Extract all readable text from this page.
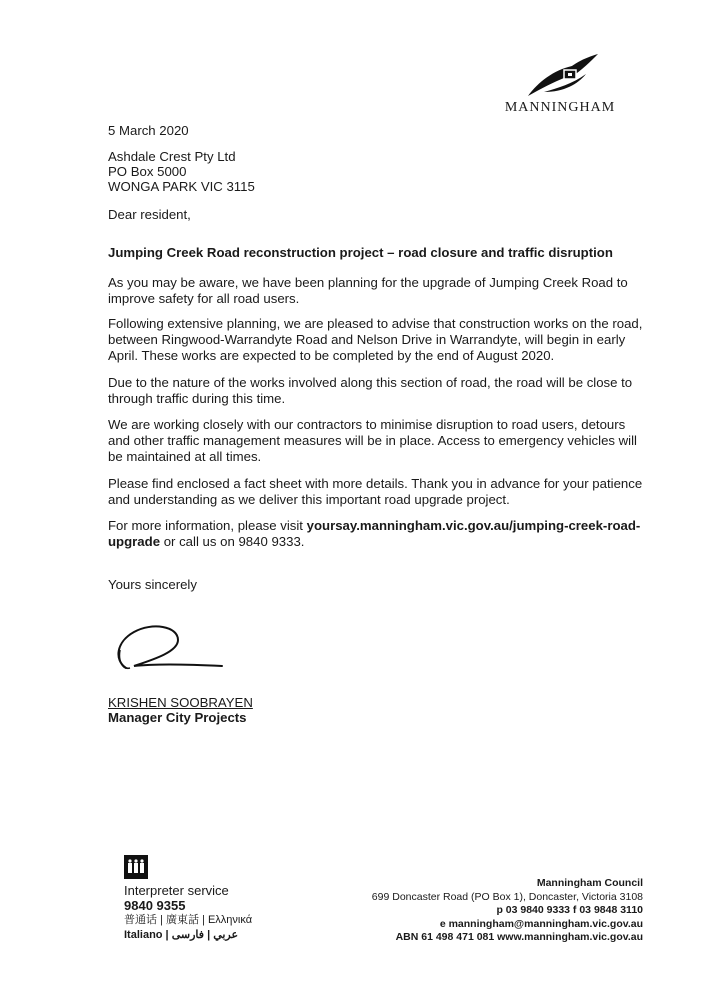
MANNINGHAM
5 March 2020
Ashdale Crest Pty Ltd
PO Box 5000
WONGA PARK VIC 3115
Dear resident,
Jumping Creek Road reconstruction project – road closure and traffic disruption
As you may be aware, we have been planning for the upgrade of Jumping Creek Road to improve safety for all road users.
Following extensive planning, we are pleased to advise that construction works on the road, between Ringwood-Warrandyte Road and Nelson Drive in Warrandyte, will begin in early April. These works are expected to be completed by the end of August 2020.
Due to the nature of the works involved along this section of road, the road will be close to through traffic during this time.
We are working closely with our contractors to minimise disruption to road users, detours and other traffic management measures will be in place. Access to emergency vehicles will be maintained at all times.
Please find enclosed a fact sheet with more details. Thank you in advance for your patience and understanding as we deliver this important road upgrade project.
For more information, please visit yoursay.manningham.vic.gov.au/jumping-creek-road-upgrade or call us on 9840 9333.
Yours sincerely
KRISHEN SOOBRAYEN
Manager City Projects
Interpreter service
9840 9355
普通话 | 廣東話 | Ελληνικά
Italiano | عربي | فارسی
Manningham Council
699 Doncaster Road (PO Box 1), Doncaster, Victoria 3108
p 03 9840 9333 f 03 9848 3110
e manningham@manningham.vic.gov.au
ABN 61 498 471 081 www.manningham.vic.gov.au
